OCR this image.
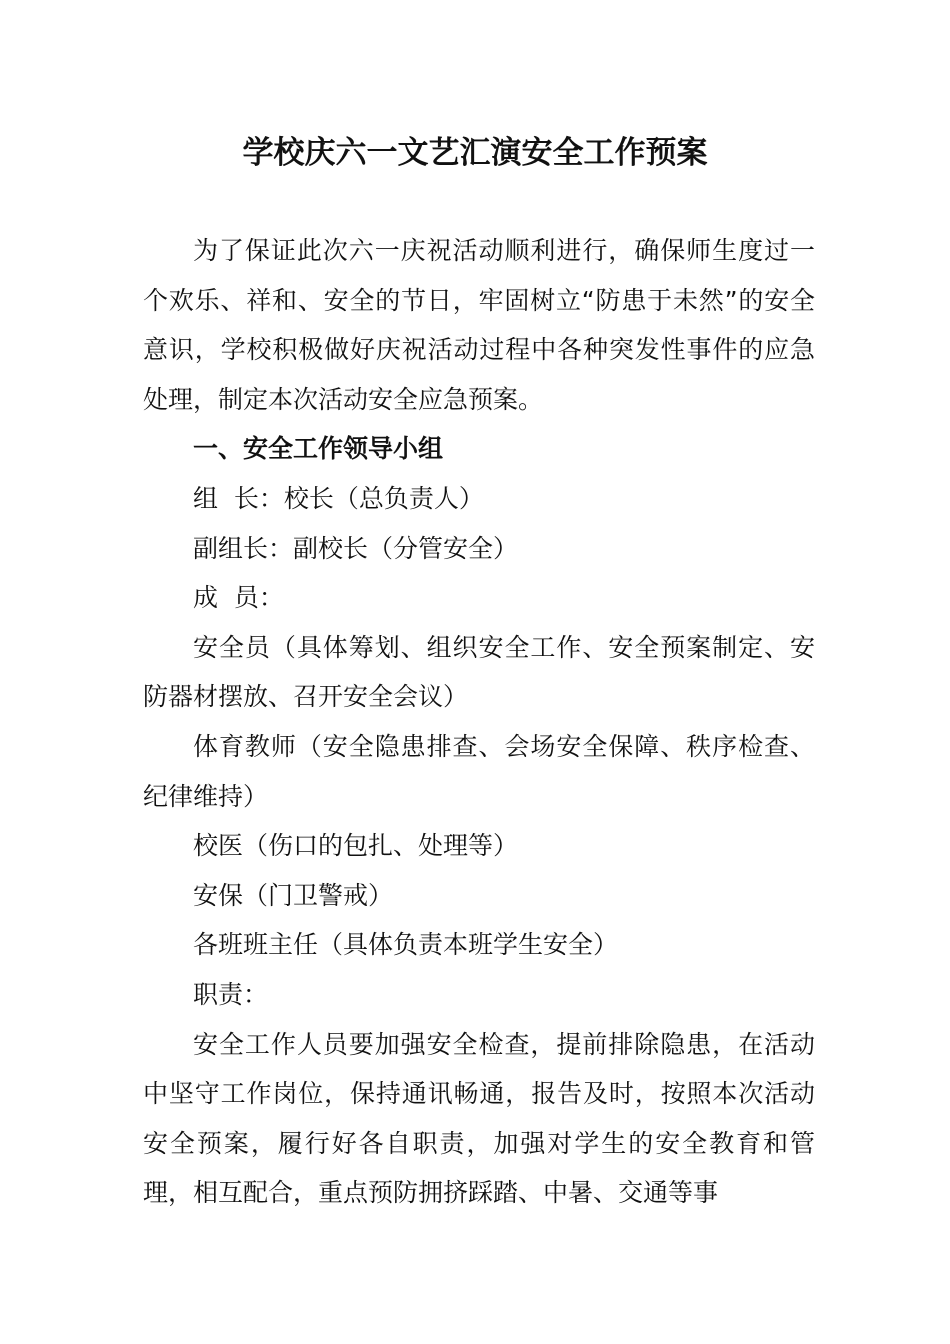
学校庆六一文艺汇演安全工作预案

为了保证此次六一庆祝活动顺利进行，确保师生度过一个欢乐、祥和、安全的节日，牢固树立“防患于未然”的安全意识，学校积极做好庆祝活动过程中各种突发性事件的应急处理，制定本次活动安全应急预案。

一、安全工作领导小组

组  长：校长（总负责人）

副组长：副校长（分管安全）

成  员：

安全员（具体筹划、组织安全工作、安全预案制定、安防器材摆放、召开安全会议）

体育教师（安全隐患排查、会场安全保障、秩序检查、纪律维持）

校医（伤口的包扎、处理等）

安保（门卫警戒）

各班班主任（具体负责本班学生安全）

职责：

安全工作人员要加强安全检查，提前排除隐患，在活动中坚守工作岗位，保持通讯畅通，报告及时，按照本次活动安全预案，履行好各自职责，加强对学生的安全教育和管理，相互配合，重点预防拥挤踩踏、中暑、交通等事
